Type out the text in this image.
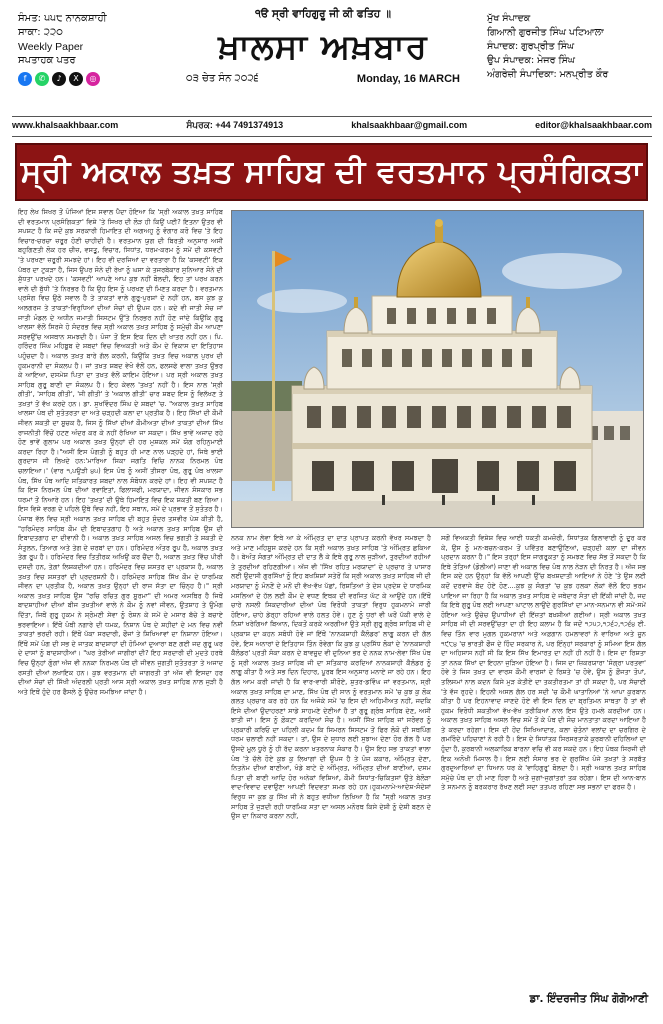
ਸੰਮਤ: ੫੫੮ ਨਾਨਕਸ਼ਾਹੀ
ਸਾਕਾ: ੨੨੦
Weekly Paper
ਸਪਤਾਹਕ ਪਤਰ
f	✆	♪	X	◎
੧ੳ ਸ੍ਰੀ ਵਾਹਿਗੁਰੂ ਜੀ ਕੀ ਫਤਿਹ ॥
ਖ਼ਾਲਸਾ ਅਖ਼ਬਾਰ
੦੩ ਚੇਤ ਸੰਨ ੨੦੨੬	Monday, 16 MARCH
ਮੁੱਖ ਸੰਪਾਦਕ
ਗਿਆਨੀ ਗੁਰਜੀਤ ਸਿੰਘ ਪਟਿਆਲਾ
ਸੰਪਾਦਕ: ਗੁਰਪ੍ਰੀਤ ਸਿੰਘ
ਉਪ ਸੰਪਾਦਕ: ਮੇਜਰ ਸਿੰਘ
ਅੰਗਰੇਜ਼ੀ ਸੰਪਾਦਿਕਾ: ਮਨਪ੍ਰੀਤ ਕੌਰ
www.khalsaakhbaar.com	ਸੰਪਰਕ: +44 7491374913	khalsaakhbaar@gmail.com	editor@khalsaakhbaar.com
ਸ੍ਰੀ ਅਕਾਲ ਤਖ਼ਤ ਸਾਹਿਬ ਦੀ ਵਰਤਮਾਨ ਪ੍ਰਸੰਗਿਕਤਾ
ਇਹ ਲੇਖ ਸਿਖਰ ਤੋਂ ਪੰਜਿਆਂ ਇਸ ਸਵਾਲ ਪੈਦਾ ਹੋਇਆ ਕਿ 'ਸ੍ਰੀ ਅਕਾਲ ਤਖ਼ਤ ਸਾਹਿਬ ਦੀ ਵਰਤਮਾਨ ਪ੍ਰਸੰਗਿਕਤਾ' ਵਿਸ਼ੇ 'ਤੇ ਸਿਖਰ ਦੀ ਲੋੜ ਹੀ ਕਿਉਂ ਪਈ? ਇਤਨਾ ਉਤਰ ਵੀ ਸਪਸ਼ਟ ਹੈ ਕਿ ਜਦੋਂ ਕੁਝ ਸਰਕਾਰੀ ਹਿਮਾਇਤ ਦੀ ਅਗਅਹੁ ਨੂੰ ਵੰਗਾਰ ਕਰੋ ਵਿਚ 'ਤੇ ਇਹ ਵਿਚਾਰ-ਚਰਚਾ ਜ਼ਰੂਰ ਹੋਣੀ ਚਾਹੀਦੀ ਹੈ। ਵਰਤਮਾਨ ਯੁਗ ਦੀ ਬਿਰਤੀ ਅਨੁਸਾਰ ਅਸੀਂ ਬਹੁਗਿਣਤੀ ਲੋਕ ਹਰ ਚੀਜ਼, ਵਸਤੂ, ਵਿਚਾਰ, ਸਿਧਾਂਤ, ਧਰਮ-ਕਰਮ ਨੂੰ ਸਮੇਂ ਦੀ ਕਸਵਟੀ 'ਤੇ ਪਰਖਣਾ ਜ਼ਰੂਰੀ ਸਮਝਦੇ ਹਾਂ। ਇਹ ਵੀ ਦਰਜਿਆਂ ਦਾ ਵਰਤਾਰਾ ਹੈ ਕਿ 'ਕਸਵਟੀ' ਇਕ ਪੱਥਰ ਦਾ ਟੁਕੜਾ ਹੈ, ਜਿਸ ਉਪਰ ਸੋਨੇ ਦੀ ਰੇਖਾ ਨੂੰ ਘਸਾ ਕੇ ਤਜਰਬੇਕਾਰ ਸੁਨਿਆਰ ਸੋਨੇ ਦੀ ਸ਼ੁੱਧਤਾ ਪਰਖਦੇ ਹਨ। 'ਕਸਵਟੀ' ਆਪਣੇ ਆਪ ਕੁਝ ਨਹੀਂ ਬੋਲਦੀ, ਇਹ ਤਾਂ ਪਰਖ ਕਰਨ ਵਾਲੇ ਦੀ ਬੁੱਧੀ 'ਤੇ ਨਿਰਭਰ ਹੈ ਕਿ ਉਹ ਇਸ ਨੂੰ ਪਰਖਣ ਦੀ ਮਿਣਤ ਕਰਦਾ ਹੈ। ਵਰਤਮਾਨ ਪ੍ਰਸੰਗ ਵਿਚ ਉਠੇ ਸਵਾਲ ਹੈ ਤੇ ਤਾਕਤਾਂ ਵਾਲੇ ਗੁਰੂ-ਪੁਰਸ਼ਾਂ ਦੇ ਨਹੀਂ ਹਨ, ਬਸ ਕੁਝ ਕੁ ਅਲਗਰਜ ਤੇ ਤਾਕਤਾਂ-ਵਿਰੁਧਿਆਂ ਦੀਆਂ ਸੋਚਾਂ ਦੀ ਉਪਜ ਹਨ। ਕਦੇ ਵੀ ਜਾਤੀ ਸੋਚ ਜਾਂ ਜਾਤੀ ਮੰਡਲ ਦੇ ਅਧੀਨ ਜਮਾਤੀ ਸਿਸਟਮ ਉੱਤੇ ਨਿਰਭਰ ਨਹੀਂ ਹੋਣ ਜਾਂਦੇ ਕਿਉਂਕਿ ਗੁਰੂ ਖਾਲਸਾ ਵੱਲੋਂ ਸਿਰਜੇ ਹੋ ਸੰਦਰਭ ਵਿਚ ਸ੍ਰੀ ਅਕਾਲ ਤਖ਼ਤ ਸਾਹਿਬ ਨੂੰ ਸਮੁੱਚੀ ਕੌਮ ਆਪਣਾ ਸਰਵਉੱਚ ਅਸਥਾਨ ਸਮਝਦੀ ਹੈ। ਪੰਜਾ ਤੋਂ ਇਸ ਇਕ ਦਿਨ ਦੀ ਖਾਤਰ ਨਹੀਂ ਹਨ। ਪਿ. ਹਰਿੰਦਰ ਸਿੰਘ ਮਹਿਬੂਬ ਦੇ ਸ਼ਬਦਾਂ ਵਿਚ ਵਿਅਕਤੀ ਅਤੇ ਕੌਮ ਦੇ ਵਿਕਾਸ ਦਾ ਇਤਿਹਾਸ ਪਹੁੰਚਦਾ ਹੈ। ਅਕਾਲ ਤਖ਼ਤ ਬਾਰੇ ਗੱਲ ਕਰਨੀ, ਕਿਉਂਕਿ ਤਖ਼ਤ ਵਿਚ ਅਕਾਲ ਪੁਰਖ ਦੀ ਹੁਕਮਰਾਨੀ ਦਾ ਸੰਕਲਪ ਹੈ। ਜਾਂ ਤਖ਼ਤ ਸ਼ਬਦ ਵੇਖੋ ਵੱਲੋਂ ਹਨ, ਫਲਸਫੇ ਵਾਲਾ ਤਖ਼ਤ ਉਭਰ ਕੇ ਆਇਆ, ਦਸਮੇਸ਼ ਪਿਤਾ ਦਾ ਤਖ਼ਤ ਵੱਲੋਂ ਕਾਇਮ ਹੋਇਆ। ਪਰ ਸ੍ਰੀ ਅਕਾਲ ਤਖ਼ਤ ਸਾਹਿਬ ਗੁਰੂ ਬਾਣੀ ਦਾ ਸੰਕਲਪ ਹੈ। ਇਹ ਕੇਵਲ 'ਤਖ਼ਤ' ਨਹੀਂ ਹੈ। ਇਸ ਨਾਲ 'ਸ੍ਰੀ ਗੀਤੀ', 'ਸਾਹਿਬ ਗੀਤੀ', 'ਜੀ ਗੀਤੀ' ਤੇ 'ਅਕਾਲ ਗੀਤੀ' ਚਾਰ ਸ਼ਬਦ ਇਸ ਨੂੰ ਵਿਲੱਖਣ ਤੇ ਤਖ਼ਤਾਂ ਤੋਂ ਵੱਖ ਕਰਦੇ ਹਨ। ਡਾ. ਸੁਖਵਿੰਦਰ ਸਿੰਘ ਦੇ ਸ਼ਬਦਾਂ 'ਚ. "ਅਕਾਲ ਤਖ਼ਤ ਸਾਹਿਬ ਖਾਲਸਾ ਪੰਥ ਦੀ ਸੁਤੰਤਰਤਾ ਦਾ ਅਤੇ ਚੜ੍ਹਦੀ ਕਲਾ ਦਾ ਪ੍ਰਤੀਕ ਹੈ। ਇਹ ਸਿੱਖਾਂ ਦੀ ਕੌਮੀ ਜੀਵਨ ਸ਼ਕਤੀ ਦਾ ਸੂਚਕ ਹੈ, ਜਿਸ ਨੂੰ ਸਿੱਖਾਂ ਦੀਆਂ ਕੌਮੀਅਤਾ ਦੀਆਂ ਤਾਕਤਾਂ ਦੀਆਂ ਸਿੱਖ ਰਾਜਨੀਤੀ ਵਿੱਚੋਂ ਹਟਣ ਅੰਦਰ ਕਰ ਕੇ ਨਹੀਂ ਰੱਖਿਆ ਜਾ ਸਕਦਾ। ਸਿੱਖ ਭਾਵੇਂ ਅਜਾਦ ਰਹੇ ਹੋਣ ਭਾਵੇਂ ਗੁਲਾਮ ਪਰ ਅਕਾਲ ਤਖ਼ਤ ਉਨ੍ਹਾਂ ਦੀ ਹਰ ਮੁਸ਼ਕਲ ਸਮੇਂ ਯੋਗ ਰਹਿਨੁਮਾਈ ਕਰਦਾ ਰਿਹਾ ਹੈ।"ਅਸੀਂ ਇਸ ਪੰਗਤੀ ਨੂੰ ਬਹੁਤ ਹੀ ਮਾਣ ਨਾਲ ਪੜ੍ਹਦੇ ਹਾਂ, ਜਿਥੇ ਭਾਈ ਗੁਰਦਾਸ ਜੀ ਲਿਖਦੇ ਹਨ:'ਮਾਰਿਆ ਸਿਕਾ ਜਗਤਿ ਵਿਚਿ ਨਾਨਕ ਨਿਰਮਲ ਪੰਥ ਚਲਾਇਆ।' (ਵਾਰ ੧,ਪਉੜੀ ੪੫) ਇਸ ਪੰਥ ਨੂੰ ਅਸੀਂ ਤੀਸਰਾ ਪੰਥ, ਗੁਰੂ ਪੰਥ ਖਾਲਸਾ ਪੰਥ, ਸਿੱਖ ਪੰਥ ਆਦਿ ਸਤਿਕਾਰਤ ਸ਼ਬਦਾਂ ਨਾਲ ਸੰਬੋਧਨ ਕਰਦੇ ਹਾਂ। ਇਹ ਵੀ ਸਪਸ਼ਟ ਹੈ ਕਿ ਇਸ ਨਿਰਮਲ ਪੰਥ ਦੀਆਂ ਰਵਾਇਤਾਂ, ਫਿਲਾਸਫੀ, ਮਰਯਾਦਾ, ਜੀਵਨ ਸੰਸਕਾਰ ਸਭ ਧਰਮਾਂ ਤੋਂ ਨਿਆਰੇ ਹਨ। ਇਹ 'ਤਖ਼ਤ' ਦੀ ਉਥੇ ਹਿਮਾਇਤ ਵਿਚ ਇਕ ਸ਼ਕਤੀ ਬਣ ਗਿਆ। ਇਸ ਵਿਸ਼ੇ ਵਰਗ ਦੇ ਪਹਿਲੇ ਉਥੇ ਵਿਚ ਨਹੀਂ, ਇਹ ਸਥਾਨ, ਸਮੇਂ ਦੇ ਪ੍ਰਭਾਵ ਤੋਂ ਸੁਤੰਤਰ ਹੈ। ਪੰਜਾਬ ਵੱਲ ਵਿਚ ਸ੍ਰੀ ਅਕਾਲ ਤਖ਼ਤ ਸਾਹਿਬ ਦੀ ਬਹੁਤ ਸੁੰਦਰ ਤਸਵੀਰ ਪੇਸ਼ ਕੀਤੀ ਹੈ, "ਹਰਿਮੰਦਰ ਸਾਹਿਬ ਕੌਮ ਦੀ ਇਬਾਦਤਗਾਹ ਹੈ ਅਤੇ ਅਕਾਲ ਤਖ਼ਤ ਸਾਹਿਬ ਉਸ ਦੀ ਇਬਾਦਤਗਾਹ ਦਾ ਦੀਵਾਨੀ ਹੈ। ਅਕਾਲ ਤਖ਼ਤ ਸਾਹਿਬ ਅਸਲ ਵਿਚ ਭਗਤੀ ਤੇ ਸ਼ਕਤੀ ਦੇ ਸੰਤੁਲਨ, ਤਿਆਗ ਅਤੇ ਤੇਗ ਦੇ ਜ਼ਰਬਾਂ ਦਾ ਹਨ। ਹਰਿਮੰਦਰ ਅੰਤਰ ਰੂਪ ਹੈ, ਅਕਾਲ ਤਖ਼ਤ ਤੇਗ ਰੂਪ ਹੈ। ਹਰਿਮੰਦਰ ਵਿਚ ਤਿਤੀਰਕ ਅਖਿਉਂ ਕਰ ਚੈਂਦਾ ਹੈ, ਅਕਾਲ ਤਖ਼ਤ ਵਿੱਚ ਪੀਰੀ ਦਸਦੀ ਹਨ, ਤੇਗ਼ਾਂ ਲਿਸ਼ਕਦੀਆਂ ਹਨ। ਹਰਿਮੰਦਰ ਵਿਚ ਸ਼ਸਤਰ ਦਾ ਪ੍ਰਕਾਸ਼ ਹੈ, ਅਕਾਲ ਤਖ਼ਤ ਵਿਚ ਸ਼ਸਤਰਾਂ ਦੀ ਪ੍ਰਦਰਸ਼ਨੀ ਹੈ। ਹਰਿਮੰਦਰ ਸਾਹਿਬ ਸਿੱਖ ਕੌਮ ਦੇ ਧਾਰਮਿਕ ਜੀਵਨ ਦਾ ਪ੍ਰਤੀਕ ਹੈ, ਅਕਾਲ ਤਖ਼ਤ ਉਨ੍ਹਾਂ ਦੀ ਰਾਜ ਸੱਤਾ ਦਾ ਚਿੰਨ੍ਹ ਹੈ।" ਸ੍ਰੀ ਅਕਾਲ ਤਖ਼ਤ ਸਾਹਿਬ ਉਸ "ਰਚਿ ਰਚਿਤ ਗੁਰ ਸੂਰਮਾ" ਦੀ ਅਮਰ ਅਸਥਿਰ ਹੈ ਜਿਥੋਂ ਬਾਦਸ਼ਾਹੀਆਂ ਦੀਆਂ ਬੀਜ ਤਖ਼ਤੀਆਂ ਵਾਲੇ ਨੇ ਕੌਮ ਨੂੰ ਨਵਾਂ ਜੀਵਨ, ਉਤਸ਼ਾਹ ਤੇ ਉਮੰਗ ਦਿੱਤਾ, ਜਿਥੋਂ ਗੁਰੂ ਹੁਕਮ ਨੇ ਸ਼੍ਰੋਮਣੀ ਸੇਵਾ ਨੂੰ ਰੋਸ਼ਨ ਕੇ ਸਮੇਂ ਦੇ ਮਸਾਰ ਬੱਚੇ ਤੇ ਬਚਾਏ ਭਰਵਾਇਆ। ਇੱਥੋਂ ਪੰਥੀ ਨਗਾਰੇ ਦੀ ਧਮਕ, ਨਿਸ਼ਾਨ ਪੰਥ ਦੇ ਸ਼ਹੀਦਾਂ ਦੇ ਮਨ ਵਿਚ ਨਵੀਂ ਤਾਕਤਾਂ ਭਰਦੀ ਰਹੀ। ਇੱਥੋਂ ਪੱਕਾ ਸਰਦਾਰੀ, ਫੌਜਾਂ ਤੇ ਸ਼ਿਖਿਆਵਾਂ ਦਾ ਨਿਸ਼ਾਨਾ ਹੋਇਆ। ਇੱਥੋਂ ਸਮੇਂ ਪੰਗ ਦੀ ਸਭ ਦੇ ਜਾਤਕ ਬਾਦਸ਼ਾਹਾਂ ਦੀ ਹੋਮਿਆਂ ਦੁਆਰਾ ਬਣ ਗਈ ਜਦ ਗੁਰੂ ਘਰ ਦੇ ਦਾਸਾਂ ਨੂੰ ਬਾਦਸ਼ਾਹੀਆਂ। "ਘਰ ਤੇਰੀਆਂ ਜਾਗੀਰਾਂ ਦੀ? ਇਹ ਸਰਦਾਰੀ ਦੀ ਮੁਦਤੇ ਹਰਥੇ ਵਿਚ ਉਨ੍ਹਾਂ ਗੁੰਗਾਂ ਅੱਜ ਵੀ ਨਨਕਾ ਨਿਰਮਲ ਪੰਥ ਦੀ ਜੀਵਨ ਜੁਗਤੀ ਸੁਤੰਤਰਤਾ ਤੇ ਅਜਾਦ ਰਸਤੀ ਦੀਆਂ ਲਖਾਇਕ ਹਨ। ਕੁਝ ਵਰਤਮਾਨ ਦੀ ਜਾਗਰਤੀ ਤਾਂ ਅੱਜ ਵੀ ਇਸਦਾ ਹਰ ਦੀਆਂ ਸੋਚਾਂ ਦੀ ਸਿੱਖੀ ਅੰਦਰਲੀ ਪ੍ਰਤੀ ਆਸ ਸ੍ਰੀ ਅਕਾਲ ਤਖ਼ਤ ਸਾਹਿਬ ਨਾਲ ਜੁੜੀ ਹੈ ਅਤੇ ਇਥੋਂ ਹੁੰਦੇ ਹਰ ਫੈਸਲੇ ਨੂੰ ਉਚੇਰ ਸਮਝਿਆ ਜਾਂਦਾ ਹੈ।
ਨਨਕ ਨਾਮ ਲੇਵਾ ਇਥੇ ਆ ਕੇ ਅੰਮ੍ਰਿਤ ਦਾ ਦਾਤ ਪ੍ਰਾਪਤ ਕਰਨੀ ਵੱਖਰ ਸਮਝਦਾ ਹੈ ਅਤੇ ਮਾਣ ਮਹਿਸੂਸ ਕਰਦੇ ਹਨ ਕਿ ਸ੍ਰੀ ਅਕਾਲ ਤਖ਼ਤ ਸਾਹਿਬ 'ਤੇ ਅੰਮ੍ਰਿਤ ਛਕਿਆ ਹੈ। ਬੇਅੰਤ ਸੰਗਤਾਂ ਅੰਮ੍ਰਿਤ ਦੀ ਦਾਤ ਲੈ ਕੇ ਇਥੇ ਗੁਰੂ ਨਾਲ ਜੁੜੀਆਂ, ਤੁਰਦੀਆਂ ਰਹੀਆਂ ਤੇ ਤੁਰਦੀਆਂ ਰਹਿਣਗੀਆਂ। ਅੱਜ ਵੀ 'ਸਿੱਖ ਰਹਿਤ ਮਰਯਾਦਾ' ਦੇ ਪ੍ਰਚਾਰ ਤੇ ਪਾਸਾਰ ਲਈ ਉਦਾਸੀ ਗੁਰਸਿੱਖਾਂ ਨੂੰ ਇਹ ਬਖਸ਼ਿਸ਼ਾਂ ਸਤੇਰੋਂ ਕਿ ਸ੍ਰੀ ਅਕਾਲ ਤਖ਼ਤ ਸਾਹਿਬ ਜੀ ਦੀ ਮਰਯਾਦਾ ਨੂੰ ਮੰਨਣੋਂ ਦੇ ਮਨੋਂ ਦੀ ਵੱਖ-ਵੱਖ ਪੱਛਾਂ, ਰਿਸ਼ਤਿਆਂ ਤੇ ਦੇਸ਼ ਪ੍ਰਦੇਸ਼ ਦੇ ਧਾਰਮਿਕ ਮਸਲਿਆਂ ਦੇ ਹੱਲ ਲਈ ਕੌਮ ਦੇ ਵਧਣ ਇਥਕ ਦੀ ਵਰਜਿਤ ਘੱਟ ਕੇ ਆਉਂਦੇ ਹਨ।ਇੱਥੋਂ ਚਾਰੇ ਨਸਲੀ ਸਿਕਦਾਰੀਆਂ ਦੀਆਂ ਪੰਥ ਵਿਰੋਧੀ ਤਾਕਤਾਂ ਵਿਰੁਧ ਹੁਕਮਨਾਮੇ ਜਾਰੀ ਹੋਇਆ, ਚਾਹੇ ਡੇਰ੍ਹਾ ਰਹਿਆਂ ਵਾਲੇ ਹਲਤ ਹੋਵੇ। ਹੁਣ ਨੂੰ ਧੁਰਾਂ ਵੀ ਘਰੋਂ ਪੱਕੀ ਵਾਲੇ ਦੇ ਨਿਸ਼ਾਂ ਖਰੇਗਿਆਂ ਬਿਆਨ, ਦਿਕਤੋਂ ਕਰਕੇ ਅਰਗੀਆਂ ਉਤੇ ਸ੍ਰੀ ਗੁਰੂ ਗ੍ਰੰਥ ਸਾਹਿਬ ਜੀ ਦੇ ਪ੍ਰਕਾਸ਼ ਦਾ ਕਹਨ ਸਬੰਧੀ ਹੋਵੇ ਜਾਂ ਇੱਥੋਂ 'ਨਾਨਕਸ਼ਾਹੀ ਕੈਲੰਡਰ' ਲਾਗੂ ਕਰਨ ਦੀ ਗੱਲ ਹੋਵੇ, ਇਸ ਅਨਾਰਾਂ ਦੇ ਇਤਿਹਾਸ ਤਿੰਨ ਰੋਵੇਗਾ ਕਿ ਕੁਝ ਕੁ ਪ੍ਰਸਿੱਧ ਲੋਕਾਂ ਦੇ 'ਨਾਨਕਸ਼ਾਹੀ ਕੈਲੰਡਰ' ਪ੍ਰਤੀ ਸੰਕਾ ਕਰਨ ਦੇ ਬਾਵਜੂਦ ਵੀ ਦੁਨਿਆ ਭਰ ਦੇ ਨਨਕ ਨਾਮ-ਲੇਵਾ ਸਿੱਖ ਪੰਥ ਨੂੰ ਸ੍ਰੀ ਅਕਾਲ ਤਖ਼ਤ ਸਾਹਿਬ ਜੀ ਦਾ ਸਤਿਕਾਰ ਕਰਦਿਆਂ ਨਾਨਕਸ਼ਾਹੀ ਕੈਲੰਡਰ ਨੂੰ ਲਾਗੂ ਕੀਤਾ ਹੈ ਅਤੇ ਸਭ ਦਿਨ ਦਿਹਾਰ, ਪੂਰਬ ਇਸ ਅਨੁਸਾਰ ਮਨਾਏ ਜਾ ਰਹੇ ਹਨ। ਇਹ ਗੱਲ ਆਮ ਕਰੀ ਜਾਂਦੀ ਹੈ ਕਿ ਵਾਰ-ਵਾਰੀ ਸ਼ੀਰੋਏ, ਸ਼ੁਤਰ-ਡਵਿੰਘ ਜਾਂ ਵਰਤਮਾਨ, ਸ੍ਰੀ ਅਕਾਲ ਤਖ਼ਤ ਸਾਹਿਬ ਦਾ ਮਾਣ, ਸਿੱਖ ਪੰਥ ਦੀ ਸਾਨ ਨੂੰ ਵਰਤਮਾਨ ਸਮੇਂ 'ਚ ਕੁਝ ਕੁ ਲੋਕ ਗਲਤ ਪ੍ਰਚਾਰ ਕਰ ਰਹੇ ਹਨ ਕਿ ਅਜੋਕੇ ਸਮੇਂ 'ਚ ਇਸ ਦੀ ਅਹਿਮੀਅਤ ਨਹੀਂ, ਜਦਕਿ ਇਸੇ ਦੀਆਂ ਉਦਾਹਰਣਾਂ ਸਾਡੇ ਸਾਹਮਣੇ ਦੇਣੀਆਂ ਹੈ ਤਾਂ ਗੁਰੂ ਗ੍ਰੰਥ ਸਾਹਿਬ ਦੇਣ, ਅਸੀਂ ਝਾਤੀ ਜਾਂ। ਇਸ ਨੂੰ ਫ਼ੋਕਟਾ ਕਰਦਿਆਂ ਸੋਚ ਹੈ। ਅਸੀਂ ਸਿੱਖ ਸਾਹਿਬ ਜਾਂ ਸਰੋਵਰ ਨੂੰ ਪ੍ਰਕਾਰੀ ਕਰਿਓ ਦਾ ਪਹਿਲੀ ਕਦਮ ਕਿ ਸਿਮਰਨ ਸਿਸਟਮ ਤੋਂ ਫਿਰ ਲੋਕੋ ਦੀ ਸਥਪਿੰਗ ਧਰਮ ਚਲਾਈ ਨਹੀਂ ਸਕਦਾ। ਤਾਂ, ਉਸ ਦੇ ਸੁਧਾਰ ਲਈ ਸੁਝਾਅ ਦੇਣਾ ਹੋਰ ਗੱਲ ਹੈ ਪਰ ਉਸਦੇ ਮੂਲ ਧੂਰੇ ਨੂੰ ਹੀ ਰੱਦ ਕਰਨਾ ਖ਼ਤਰਨਾਕ ਸੰਕਾਰ ਹੈ। ਉਸ ਇਹ ਸਭ ਤਾਕਤਾਂ ਵਾਲਾ ਪੰਥ 'ਤੇ ਚੱਲੇ ਹੋਏ ਕੁਝ ਕੁ ਲਿਖਾਗਾਂ ਦੀ ਉਪਜ ਹੈ ਤੇ ਪੰਜ ਕਕਾਰ, ਅੰਮ੍ਰਿਤ ਦੇਣਾ, ਨਿਤਨੇਮ ਦੀਆਂ ਬਾਣੀਆਂ, ਖੰਡੇ ਬਾਟੇ ਦੇ ਅੰਮ੍ਰਿਤ, ਅੰਮ੍ਰਿਤ ਦੀਆਂ ਬਾਣੀਆਂ, ਦਸਮ ਪਿਤਾ ਦੀ ਬਾਣੀ ਆਦਿ ਹੋਰ ਅਨੇਕਾਂ ਵਿਸ਼ਿਆਂ, ਕੌਮੀ ਸਿਧਾਂਤ-ਚਿਕਿਤਸਾਂ ਉਤੇ ਬੇਲੋੜਾ ਵਾਦ-ਵਿਵਾਦ ਦਵਾਉਣਾ ਆਪਣੀ ਵਿਦਵਤਾ ਸਮਝ ਰਹੇ ਹਨ।ਹੁਕਮਨਾਮੇ-ਆਦੇਸ਼-ਸੰਦੇਸ਼ਾਂ ਵਿਰੁਧ ਜਾ ਕੁਝ ਕੁ ਸਿੱਖ ਜੀ ਨੇ ਬਹੁਤ ਵਧੀਆ ਲਿਖਿਆ ਹੈ ਕਿ "ਸ੍ਰੀ ਅਕਾਲ ਤਖ਼ਤ ਸਾਹਿਬ ਤੋਂ ਜੁੜਦੀ ਰਹੀ ਧਾਰਮਿਕ ਸਤਾ ਦਾ ਅਸਲ ਮਨੋਰਥ ਕਿਸੇ ਦੇਸ਼ੀ ਨੂੰ ਦੇਸ਼ੀ ਬਣਨ ਦੇ ਉਸ ਦਾ ਨਿਕਾਰ ਕਰਨਾ ਨਹੀਂ,
ਸਗੋਂ ਵਿਅਕਤੀ ਵਿਸ਼ੇਸ਼ ਵਿਚ ਆਈ ਧਕਤੀ ਕਮਜ਼ੋਰੀ, ਸਿਧਾਂਤਕ ਗਿਲਾਵਾਈ ਨੂੰ ਦੂਰ ਕਰ ਕੇ, ਉਸ ਨੂੰ ਮਨ-ਬਚਨ-ਕਰਮ ਤੋਂ ਪਵਿੱਤਰ ਬਣਾਉਣਿਆਂ, ਚੜ੍ਹਦੀ ਕਲਾ ਦਾ ਜੀਵਨ ਪ੍ਰਦਾਨ ਕਰਨਾ ਹੈ।" ਇਸ ਤਰ੍ਹਾਂ ਇਸ ਜਾਗਰੂਕਤਾ ਨੂੰ ਸਮਝਣ ਵਿਚ ਸੱਭ ਤੋਂ ਸਕਦਾ ਹੈ ਕਿ ਇਥੇ ਤੋਤਿਆਂ (ਡੋਲੀਆਂ) ਜਾਣਾ ਵੀ ਅਕਾਲ ਵਿਚ ਪੰਥ ਨਾਲ ਨੇੜਨ ਦੀ ਨਿਰਤ ਹੈ। ਅੱਜ ਸਭ ਇਸ ਕਦੇ ਹਨ ਉਨ੍ਹਾਂ ਕਿ ਵੱਲੋਂ ਆਪਣੀ ਉੱਚ ਬਖਸ਼ਦਾਤੀ ਆਇਆਂ ਨੇ ਹੋਣੇ 'ਤੇ ਉਸ ਲਈ ਕਦੋਂ ਦਰਵਾਜੇ ਬੰਦ ਹੋਏ ਹੋਣ....ਕੁਝ ਕੁ ਸੰਗਤਾਂ 'ਚ ਕੁਝ ਹਲਕਾ ਲੋਕਾਂ ਵੱਲੋਂ ਇਹ ਭਰਮ ਪਾਇਆ ਜਾ ਰਿਹਾ ਹੈ ਕਿ ਅਕਾਲ ਤਖ਼ਤ ਸਾਹਿਬ ਦੇ ਜਥੇਦਾਰ ਸੰਤਾ ਦੀ ਇੱਕੀ ਜਾਂਦੀ ਹੈ, ਜਦ ਕਿ ਇਥੇ ਗੁਰੂ ਪੰਥ ਲਈ ਆਪਣਾ ਘਾਟਾਲ ਲਾਉਂਦੇ ਗੁਰਸਿੱਖਾਂ ਦਾ ਮਾਨ-ਸਨਮਾਨ ਵੀ ਸਮੇਂ-ਸਮੇਂ ਹੋਇਆ ਅਤੇ ਉਚੇਚ ਉਪਾਧੀਆਂ ਦੀ ਇੱਜ਼ਤਾਂ ਬਖ਼ਸ਼ੀਆਂ ਗਈਆਂ। ਸ੍ਰੀ ਅਕਾਲ ਤਖ਼ਤ ਸਾਹਿਬ ਜੀ ਦੀ ਸਰਵਉੱਚਤਾ ਦਾ ਹੀ ਇਹ ਕਲਾਮ ਹੈ ਕਿ ਜਦੋਂ ੧੭੫੭,੧੭੬੨,੧੭੬੪ ਈ. ਵਿਚ ਤਿੰਨ ਵਾਰ ਮੁਗਲ ਹੁਕਮਰਾਨਾਂ ਅਤੇ ਅਫ਼ਗਾਨ ਹਮਲਾਵਰਾਂ ਨੇ ਵਾਰਿਆ ਅਤੇ ਜੂਨ ੧੯੮੪ 'ਚ ਭਾਰਤੀ ਫੌਜ ਦੇ ਹਿੰਦ ਸਰਕਾਰ ਨੇ, ਪਰ ਇੰਨ੍ਹਾਂ ਸਰਕਾਰਾਂ ਨੂੰ ਸਮਿਆ ਇਸ ਗੱਲ ਦਾ ਅਹਿਸਾਸ ਨਹੀਂ ਸੀ ਕਿ ਇਸ ਸਿੱਖ ਇਮਾਰਤ ਦਾ ਨਹੀਂ ਹੀ ਨਹੀਂ ਹੈ। ਇਸ ਦਾ ਰਿਸ਼ਤਾ ਤਾਂ ਨਨਕ ਸਿੱਖਾਂ ਦਾ ਇਹਨਾ ਜੁੜਿਆ ਹੋਇਆ ਹੈ। ਜਿਸ ਦਾ ਜ਼ਿਕਰਯਾਰਾ 'ਸੰਗ੍ਰਾ ਪਰਤਵਾ' ਹੋਵੇ ਤੇ ਜਿਸ ਤਖ਼ਤ ਦਾ ਵਾਰਸ ਕੌਮੀ ਵਾਰਸਾਂ ਦੇ ਰਿਸ਼ਤੇ 'ਚ ਹੋਵੇ, ਉਸ ਨੂੰ ਫ਼ੌਜਤਾ ਤੋਪਾਂ, ਤਲਿਸਮਾਂ ਨਾਲ ਕਦਨ ਕਿਸੇ ਮੁੜ ਕੇਤੀਏ ਦਾ ਤਕਤੀਰਤਮਾ ਤਾਂ ਹੀ ਸਕਦਾ ਹੈ, ਪਰ ਸੱਚਾਈ 'ਤੇ ਵੱਜ ਰੁਹਦੇ। ਇਹਨੀ ਅਸਲ ਗੱਲ ਹਰ ਸਦੀ 'ਚ ਕੌਮੀ ਘਾਤਾਨਿਆਂ 'ਨੇ ਆਪਾ ਕੁਰਬਾਨ ਕੀਤਾ ਹੈ ਪਰ ਇਹਨਾਵਾਦ ਜਾਣਦੇ ਹੋਏ ਵੀ ਇਸ ਦਿਲ ਦਾ ਬ੍ਰਤਿਮਨ ਸਾਥਤਾ ਹੈ ਤਾਂ ਵੀ ਹੁਕਮ ਵਿਰੋਧੀ ਸ਼ਕਤੀਆਂ ਵੱਖ-ਵੱਖ ਤਰੀਕਿਆਂ ਨਾਲ ਇਸ ਉਤੇ ਹਮਲੇ ਕਰਦੀਆਂ ਹਨ। ਅਕਾਲ ਤਖ਼ਤ ਸਾਹਿਬ ਅਸਲ ਵਿਚ ਸਮੇਂ ਤੋਂ ਕੇ ਪੰਥ ਦੀ ਸੋਚ ਮਾਨਤਾਤਾ ਕਰਦਾ ਆਇਆ ਹੈ ਤੇ ਕਰਦਾ ਰਹੇਗਾ। ਇਸ ਦੀ ਹੋਂਦ ਸਿਖਿਆਦਾਰ, ਕਲਾ ਚੇਤੰਨਾਂ ਵਲਾਂਦ ਦਾ ਚਰਗਿਰ ਦੇ ਗਮਰਿੰਦੇ ਪਹਿਚਾਣਾਂ ਨੇ ਰਹੀ ਹੈ। ਇਸ ਦੇ ਸਿਧਾਂਤਕ ਸਿਰਸਰਤਾਕੇ ਕੁਰਬਾਨੀ ਦਹਿਲਿਆਂ ਦਾ ਹੁੰਦਾ ਹੈ, ਕੁਰਬਾਨੀ ਅਲਕਾਰਿਕ ਬਾਰਨਾ ਵਚਿ ਵੀ ਕਰ ਸਕਦੇ ਹਨ। ਇਹ ਪੰਥਕ ਸਿਰਜੀ ਦੀ ਇਕ ਅਨੋਖੀ ਮਿਸਾਲ ਹੈ। ਇਸ ਲਈ ਸੰਸਾਰ ਭਰ ਦੇ ਗੁਰਸਿੱਖ ਪੰਜੇ ਤਖ਼ਤਾਂ ਤੇ ਸਰਬੱਤ ਗੁਰਦੁਆਰਿਆਂ ਦਾ ਧਿਆਨ ਧਰ ਕੇ 'ਵਾਹਿਗੁਰੂ' ਬੋਲਦਾ ਹੈ। ਸ੍ਰੀ ਅਕਾਲ ਤਖ਼ਤ ਸਾਹਿਬ ਸਮੁੱਚੇ ਪੰਥ ਦਾ ਹੀ ਮਾਣ ਹਿਰਾ ਹੈ ਅਤੇ ਜੁਗਾਂ-ਜੁਗਾਂਤਰਾਂ ਤਕ ਰਹੇਗਾ। ਇਸ ਦੀ ਆਨ-ਬਾਨ ਤੇ ਸਨਮਾਨ ਨੂੰ ਬਰਕਰਾਰ ਰੱਖਣ ਲਈ ਸਦਾ ਤਤਪਰ ਰਹਿਣਾ ਸਭ ਸਭਨਾਂ ਦਾ ਫਰਜ਼ ਹੈ।
ਡਾ. ਇੰਦਰਜੀਤ ਸਿੰਘ ਗੋਗੋਆਣੀ
